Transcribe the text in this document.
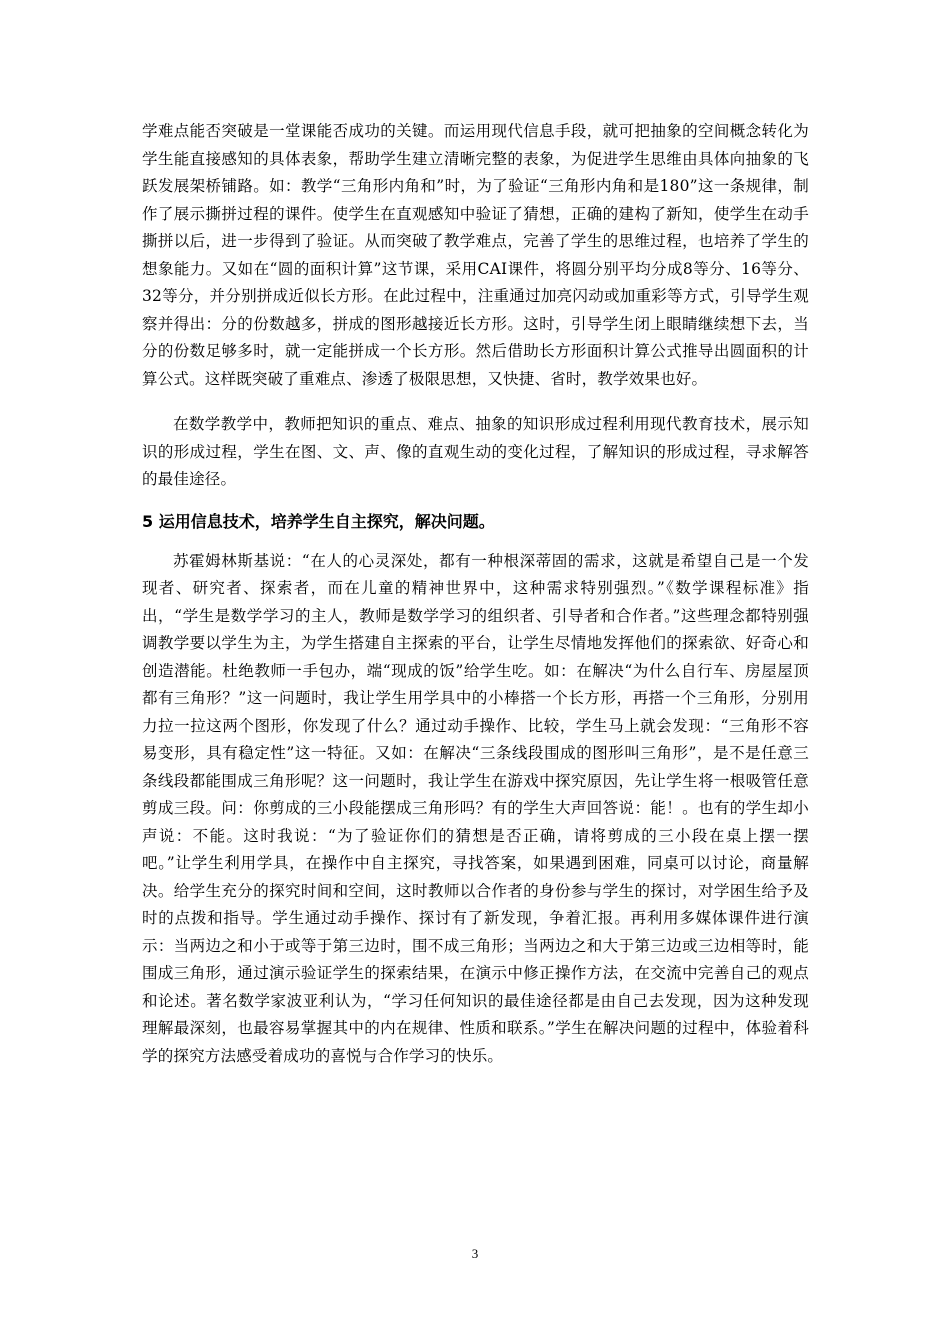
学难点能否突破是一堂课能否成功的关键。而运用现代信息手段，就可把抽象的空间概念转化为学生能直接感知的具体表象，帮助学生建立清晰完整的表象，为促进学生思维由具体向抽象的飞跃发展架桥铺路。如：教学“三角形内角和”时，为了验证“三角形内角和是180”这一条规律，制作了展示撕拼过程的课件。使学生在直观感知中验证了猜想，正确的建构了新知，使学生在动手撕拼以后，进一步得到了验证。从而突破了教学难点，完善了学生的思维过程，也培养了学生的想象能力。又如在“圆的面积计算”这节课，采用CAI课件，将圆分别平均分成8等分、16等分、32等分，并分别拼成近似长方形。在此过程中，注重通过加亮闪动或加重彩等方式，引导学生观察并得出：分的份数越多，拼成的图形越接近长方形。这时，引导学生闭上眼睛继续想下去，当分的份数足够多时，就一定能拼成一个长方形。然后借助长方形面积计算公式推导出圆面积的计算公式。这样既突破了重难点、渗透了极限思想，又快捷、省时，教学效果也好。

在数学教学中，教师把知识的重点、难点、抽象的知识形成过程利用现代教育技术，展示知识的形成过程，学生在图、文、声、像的直观生动的变化过程，了解知识的形成过程，寻求解答的最佳途径。

5 运用信息技术，培养学生自主探究，解决问题。

苏霍姆林斯基说：“在人的心灵深处，都有一种根深蒂固的需求，这就是希望自己是一个发现者、研究者、探索者，而在儿童的精神世界中，这种需求特别强烈。”《数学课程标准》指出，“学生是数学学习的主人，教师是数学学习的组织者、引导者和合作者。”这些理念都特别强调教学要以学生为主，为学生搭建自主探索的平台，让学生尽情地发挥他们的探索欲、好奇心和创造潜能。杜绝教师一手包办，端“现成的饭”给学生吃。如：在解决“为什么自行车、房屋屋顶都有三角形？”这一问题时，我让学生用学具中的小棒搭一个长方形，再搭一个三角形，分别用力拉一拉这两个图形，你发现了什么？通过动手操作、比较，学生马上就会发现：“三角形不容易变形，具有稳定性”这一特征。又如：在解决“三条线段围成的图形叫三角形”，是不是任意三条线段都能围成三角形呢？这一问题时，我让学生在游戏中探究原因，先让学生将一根吸管任意剪成三段。问：你剪成的三小段能摆成三角形吗？有的学生大声回答说：能！。也有的学生却小声说：不能。这时我说：“为了验证你们的猜想是否正确，请将剪成的三小段在桌上摆一摆吧。”让学生利用学具，在操作中自主探究，寻找答案，如果遇到困难，同桌可以讨论，商量解决。给学生充分的探究时间和空间，这时教师以合作者的身份参与学生的探讨，对学困生给予及时的点拨和指导。学生通过动手操作、探讨有了新发现，争着汇报。再利用多媒体课件进行演示：当两边之和小于或等于第三边时，围不成三角形；当两边之和大于第三边或三边相等时，能围成三角形，通过演示验证学生的探索结果，在演示中修正操作方法，在交流中完善自己的观点和论述。著名数学家波亚利认为，“学习任何知识的最佳途径都是由自己去发现，因为这种发现理解最深刻，也最容易掌握其中的内在规律、性质和联系。”学生在解决问题的过程中，体验着科学的探究方法感受着成功的喜悦与合作学习的快乐。

3
